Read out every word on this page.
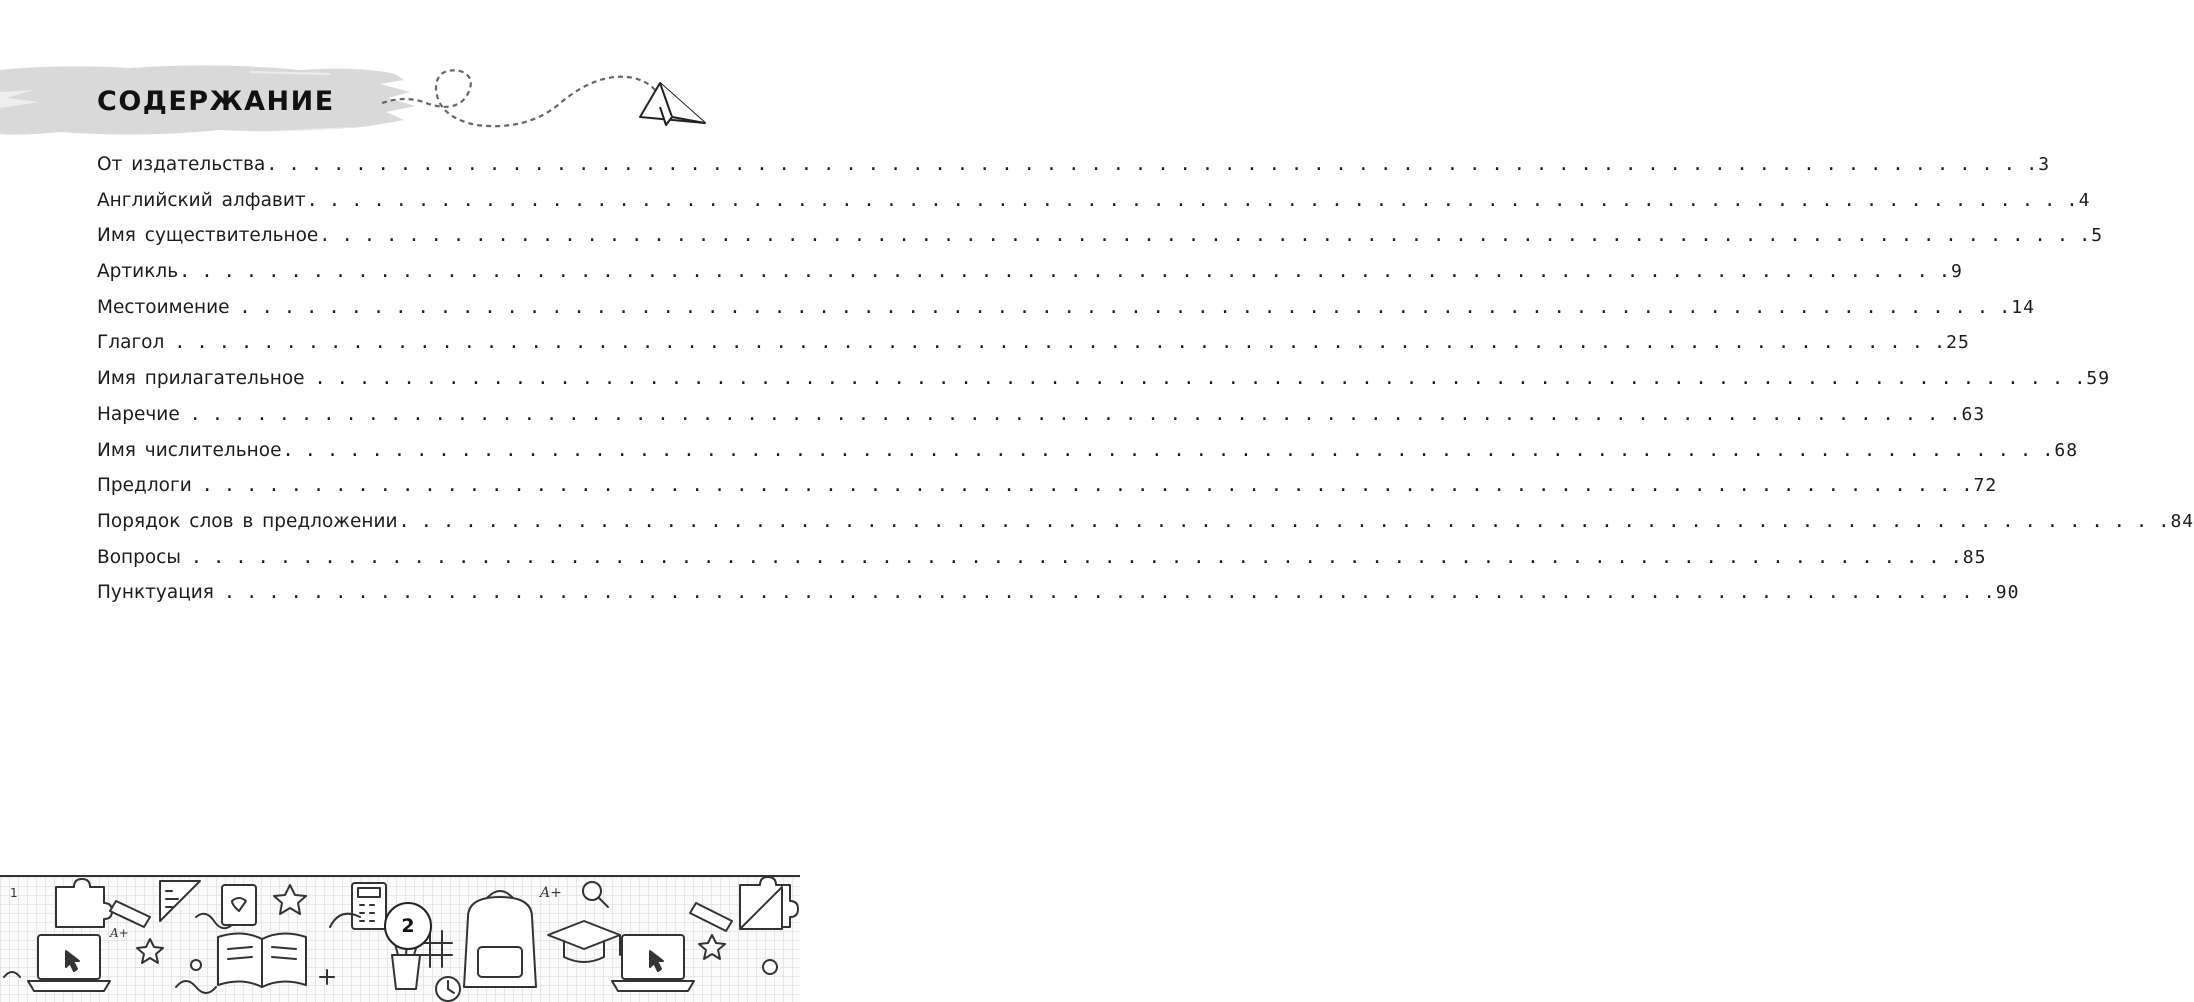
СОДЕРЖАНИЕ
От издательства . . . . . . . . . . . . . . . . . . . . . . . . . . . . . . . . . . . . . . . . . . . . . . . . . . . . . . . . . . . . . . . . . . . . . . . . . . . . . . . . 3
Английский алфавит . . . . . . . . . . . . . . . . . . . . . . . . . . . . . . . . . . . . . . . . . . . . . . . . . . . . . . . . . . . . . . . . . . . . . . . . . . . . . . . . 4
Имя существительное . . . . . . . . . . . . . . . . . . . . . . . . . . . . . . . . . . . . . . . . . . . . . . . . . . . . . . . . . . . . . . . . . . . . . . . . . . . . . . . . 5
Артикль . . . . . . . . . . . . . . . . . . . . . . . . . . . . . . . . . . . . . . . . . . . . . . . . . . . . . . . . . . . . . . . . . . . . . . . . . . . . . . . . 9
Местоимение . . . . . . . . . . . . . . . . . . . . . . . . . . . . . . . . . . . . . . . . . . . . . . . . . . . . . . . . . . . . . . . . . . . . . . . . . . . . . . . . 14
Глагол . . . . . . . . . . . . . . . . . . . . . . . . . . . . . . . . . . . . . . . . . . . . . . . . . . . . . . . . . . . . . . . . . . . . . . . . . . . . . . . . 25
Имя прилагательное . . . . . . . . . . . . . . . . . . . . . . . . . . . . . . . . . . . . . . . . . . . . . . . . . . . . . . . . . . . . . . . . . . . . . . . . . . . . . . . . 59
Наречие . . . . . . . . . . . . . . . . . . . . . . . . . . . . . . . . . . . . . . . . . . . . . . . . . . . . . . . . . . . . . . . . . . . . . . . . . . . . . . . . 63
Имя числительное . . . . . . . . . . . . . . . . . . . . . . . . . . . . . . . . . . . . . . . . . . . . . . . . . . . . . . . . . . . . . . . . . . . . . . . . . . . . . . . . 68
Предлоги . . . . . . . . . . . . . . . . . . . . . . . . . . . . . . . . . . . . . . . . . . . . . . . . . . . . . . . . . . . . . . . . . . . . . . . . . . . . . . . . 72
Порядок слов в предложении . . . . . . . . . . . . . . . . . . . . . . . . . . . . . . . . . . . . . . . . . . . . . . . . . . . . . . . . . . . . . . . . . . . . . . . . . . . . . . . . 84
Вопросы . . . . . . . . . . . . . . . . . . . . . . . . . . . . . . . . . . . . . . . . . . . . . . . . . . . . . . . . . . . . . . . . . . . . . . . . . . . . . . . . 85
Пунктуация . . . . . . . . . . . . . . . . . . . . . . . . . . . . . . . . . . . . . . . . . . . . . . . . . . . . . . . . . . . . . . . . . . . . . . . . . . . . . . . . 90
A+
A+
1
2
